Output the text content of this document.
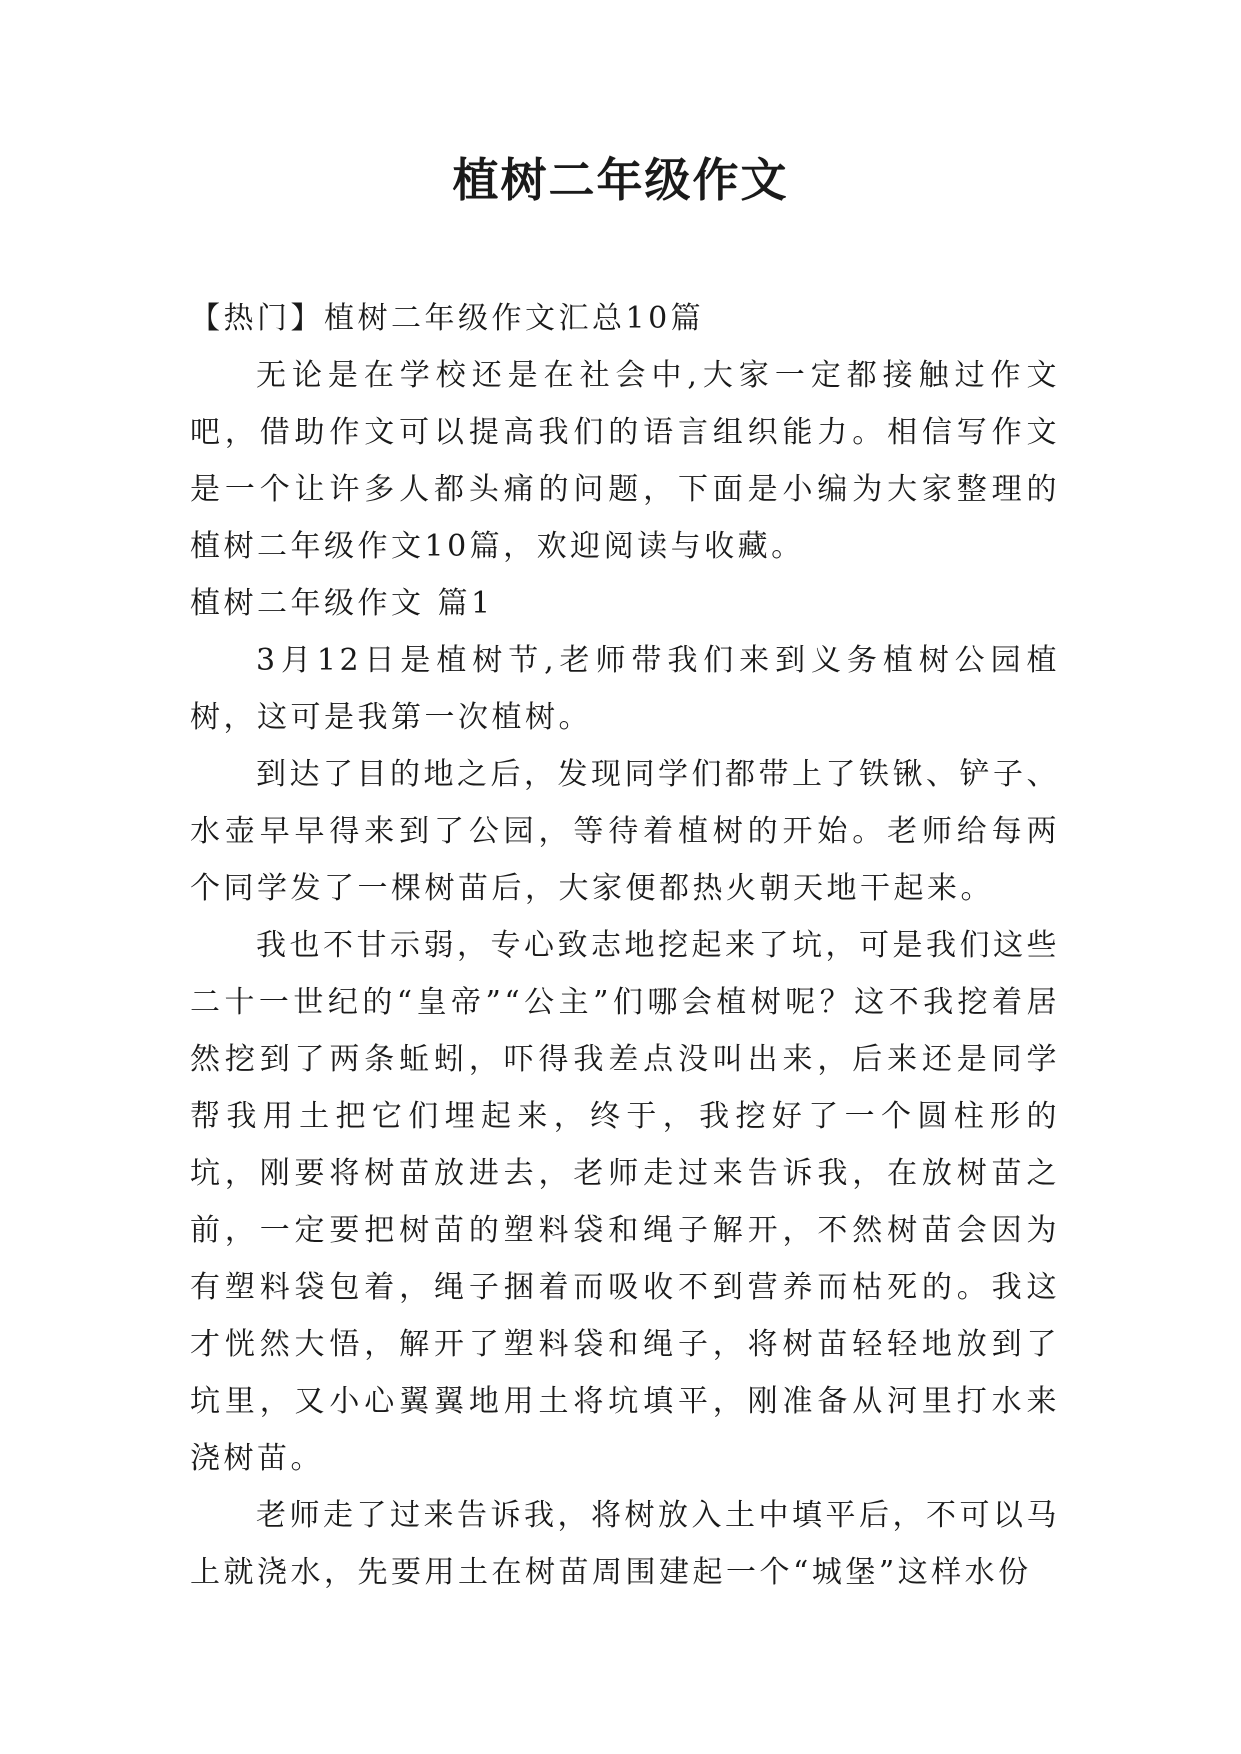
植树二年级作文

【热门】植树二年级作文汇总10篇

无论是在学校还是在社会中,大家一定都接触过作文吧，借助作文可以提高我们的语言组织能力。相信写作文是一个让许多人都头痛的问题，下面是小编为大家整理的植树二年级作文10篇，欢迎阅读与收藏。

植树二年级作文 篇1

3月12日是植树节,老师带我们来到义务植树公园植树，这可是我第一次植树。

到达了目的地之后，发现同学们都带上了铁锹、铲子、水壶早早得来到了公园，等待着植树的开始。老师给每两个同学发了一棵树苗后，大家便都热火朝天地干起来。

我也不甘示弱，专心致志地挖起来了坑，可是我们这些二十一世纪的“皇帝”“公主”们哪会植树呢？这不我挖着居然挖到了两条蚯蚓，吓得我差点没叫出来，后来还是同学帮我用土把它们埋起来，终于，我挖好了一个圆柱形的坑，刚要将树苗放进去，老师走过来告诉我，在放树苗之前，一定要把树苗的塑料袋和绳子解开，不然树苗会因为有塑料袋包着，绳子捆着而吸收不到营养而枯死的。我这才恍然大悟，解开了塑料袋和绳子，将树苗轻轻地放到了坑里，又小心翼翼地用土将坑填平，刚准备从河里打水来浇树苗。

老师走了过来告诉我，将树放入土中填平后，不可以马上就浇水，先要用土在树苗周围建起一个“城堡”这样水份
